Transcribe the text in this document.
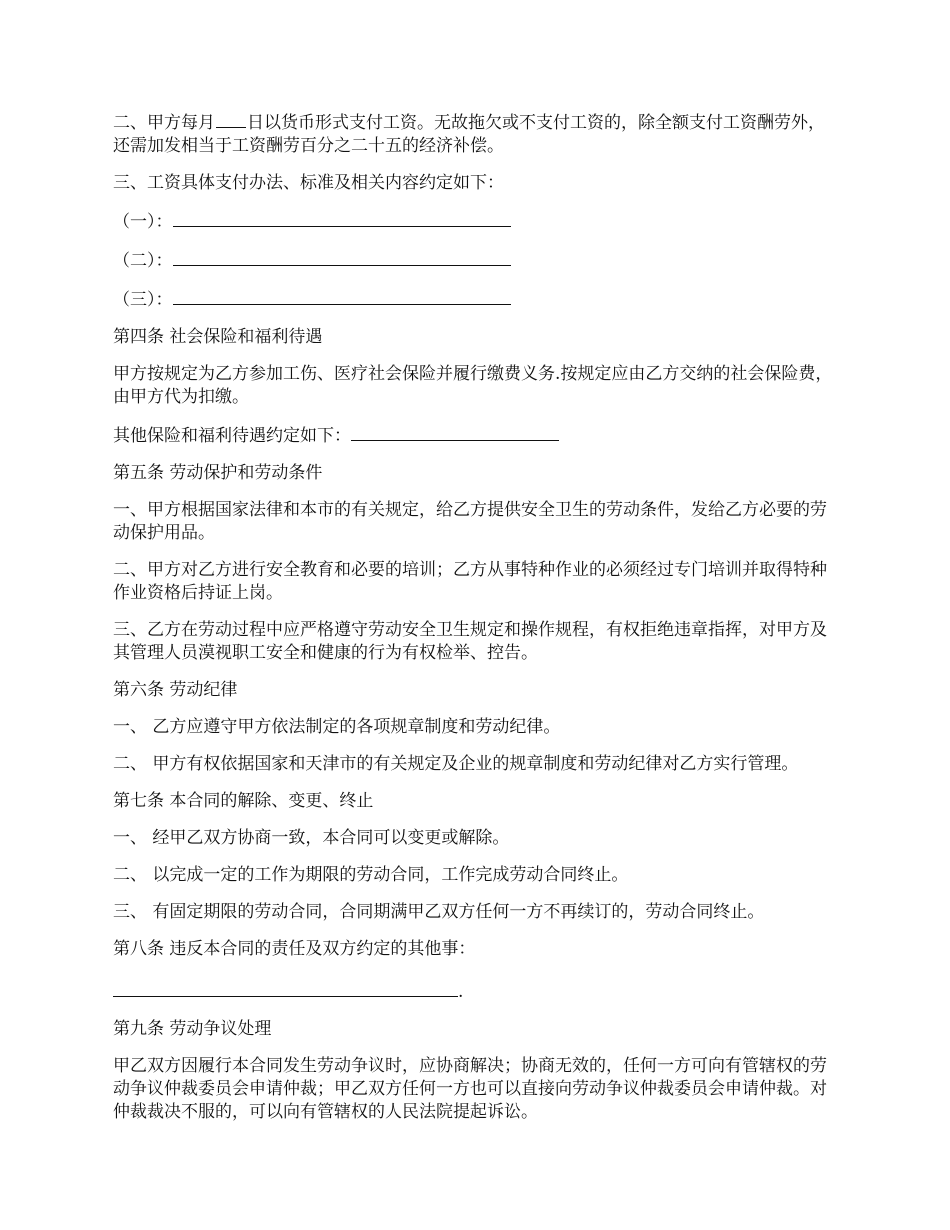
二、甲方每月 日以货币形式支付工资。无故拖欠或不支付工资的，除全额支付工资酬劳外，还需加发相当于工资酬劳百分之二十五的经济补偿。

三、工资具体支付办法、标准及相关内容约定如下：

（一）：

（二）：

（三）：

第四条 社会保险和福利待遇

甲方按规定为乙方参加工伤、医疗社会保险并履行缴费义务.按规定应由乙方交纳的社会保险费，由甲方代为扣缴。

其他保险和福利待遇约定如下：

第五条 劳动保护和劳动条件

一、甲方根据国家法律和本市的有关规定，给乙方提供安全卫生的劳动条件，发给乙方必要的劳动保护用品。

二、甲方对乙方进行安全教育和必要的培训；乙方从事特种作业的必须经过专门培训并取得特种作业资格后持证上岗。

三、乙方在劳动过程中应严格遵守劳动安全卫生规定和操作规程，有权拒绝违章指挥，对甲方及其管理人员漠视职工安全和健康的行为有权检举、控告。

第六条 劳动纪律

一、 乙方应遵守甲方依法制定的各项规章制度和劳动纪律。

二、 甲方有权依据国家和天津市的有关规定及企业的规章制度和劳动纪律对乙方实行管理。

第七条 本合同的解除、变更、终止

一、 经甲乙双方协商一致，本合同可以变更或解除。

二、 以完成一定的工作为期限的劳动合同，工作完成劳动合同终止。

三、 有固定期限的劳动合同，合同期满甲乙双方任何一方不再续订的，劳动合同终止。

第八条 违反本合同的责任及双方约定的其他事：

.

第九条 劳动争议处理

甲乙双方因履行本合同发生劳动争议时，应协商解决；协商无效的，任何一方可向有管辖权的劳动争议仲裁委员会申请仲裁；甲乙双方任何一方也可以直接向劳动争议仲裁委员会申请仲裁。对仲裁裁决不服的，可以向有管辖权的人民法院提起诉讼。
